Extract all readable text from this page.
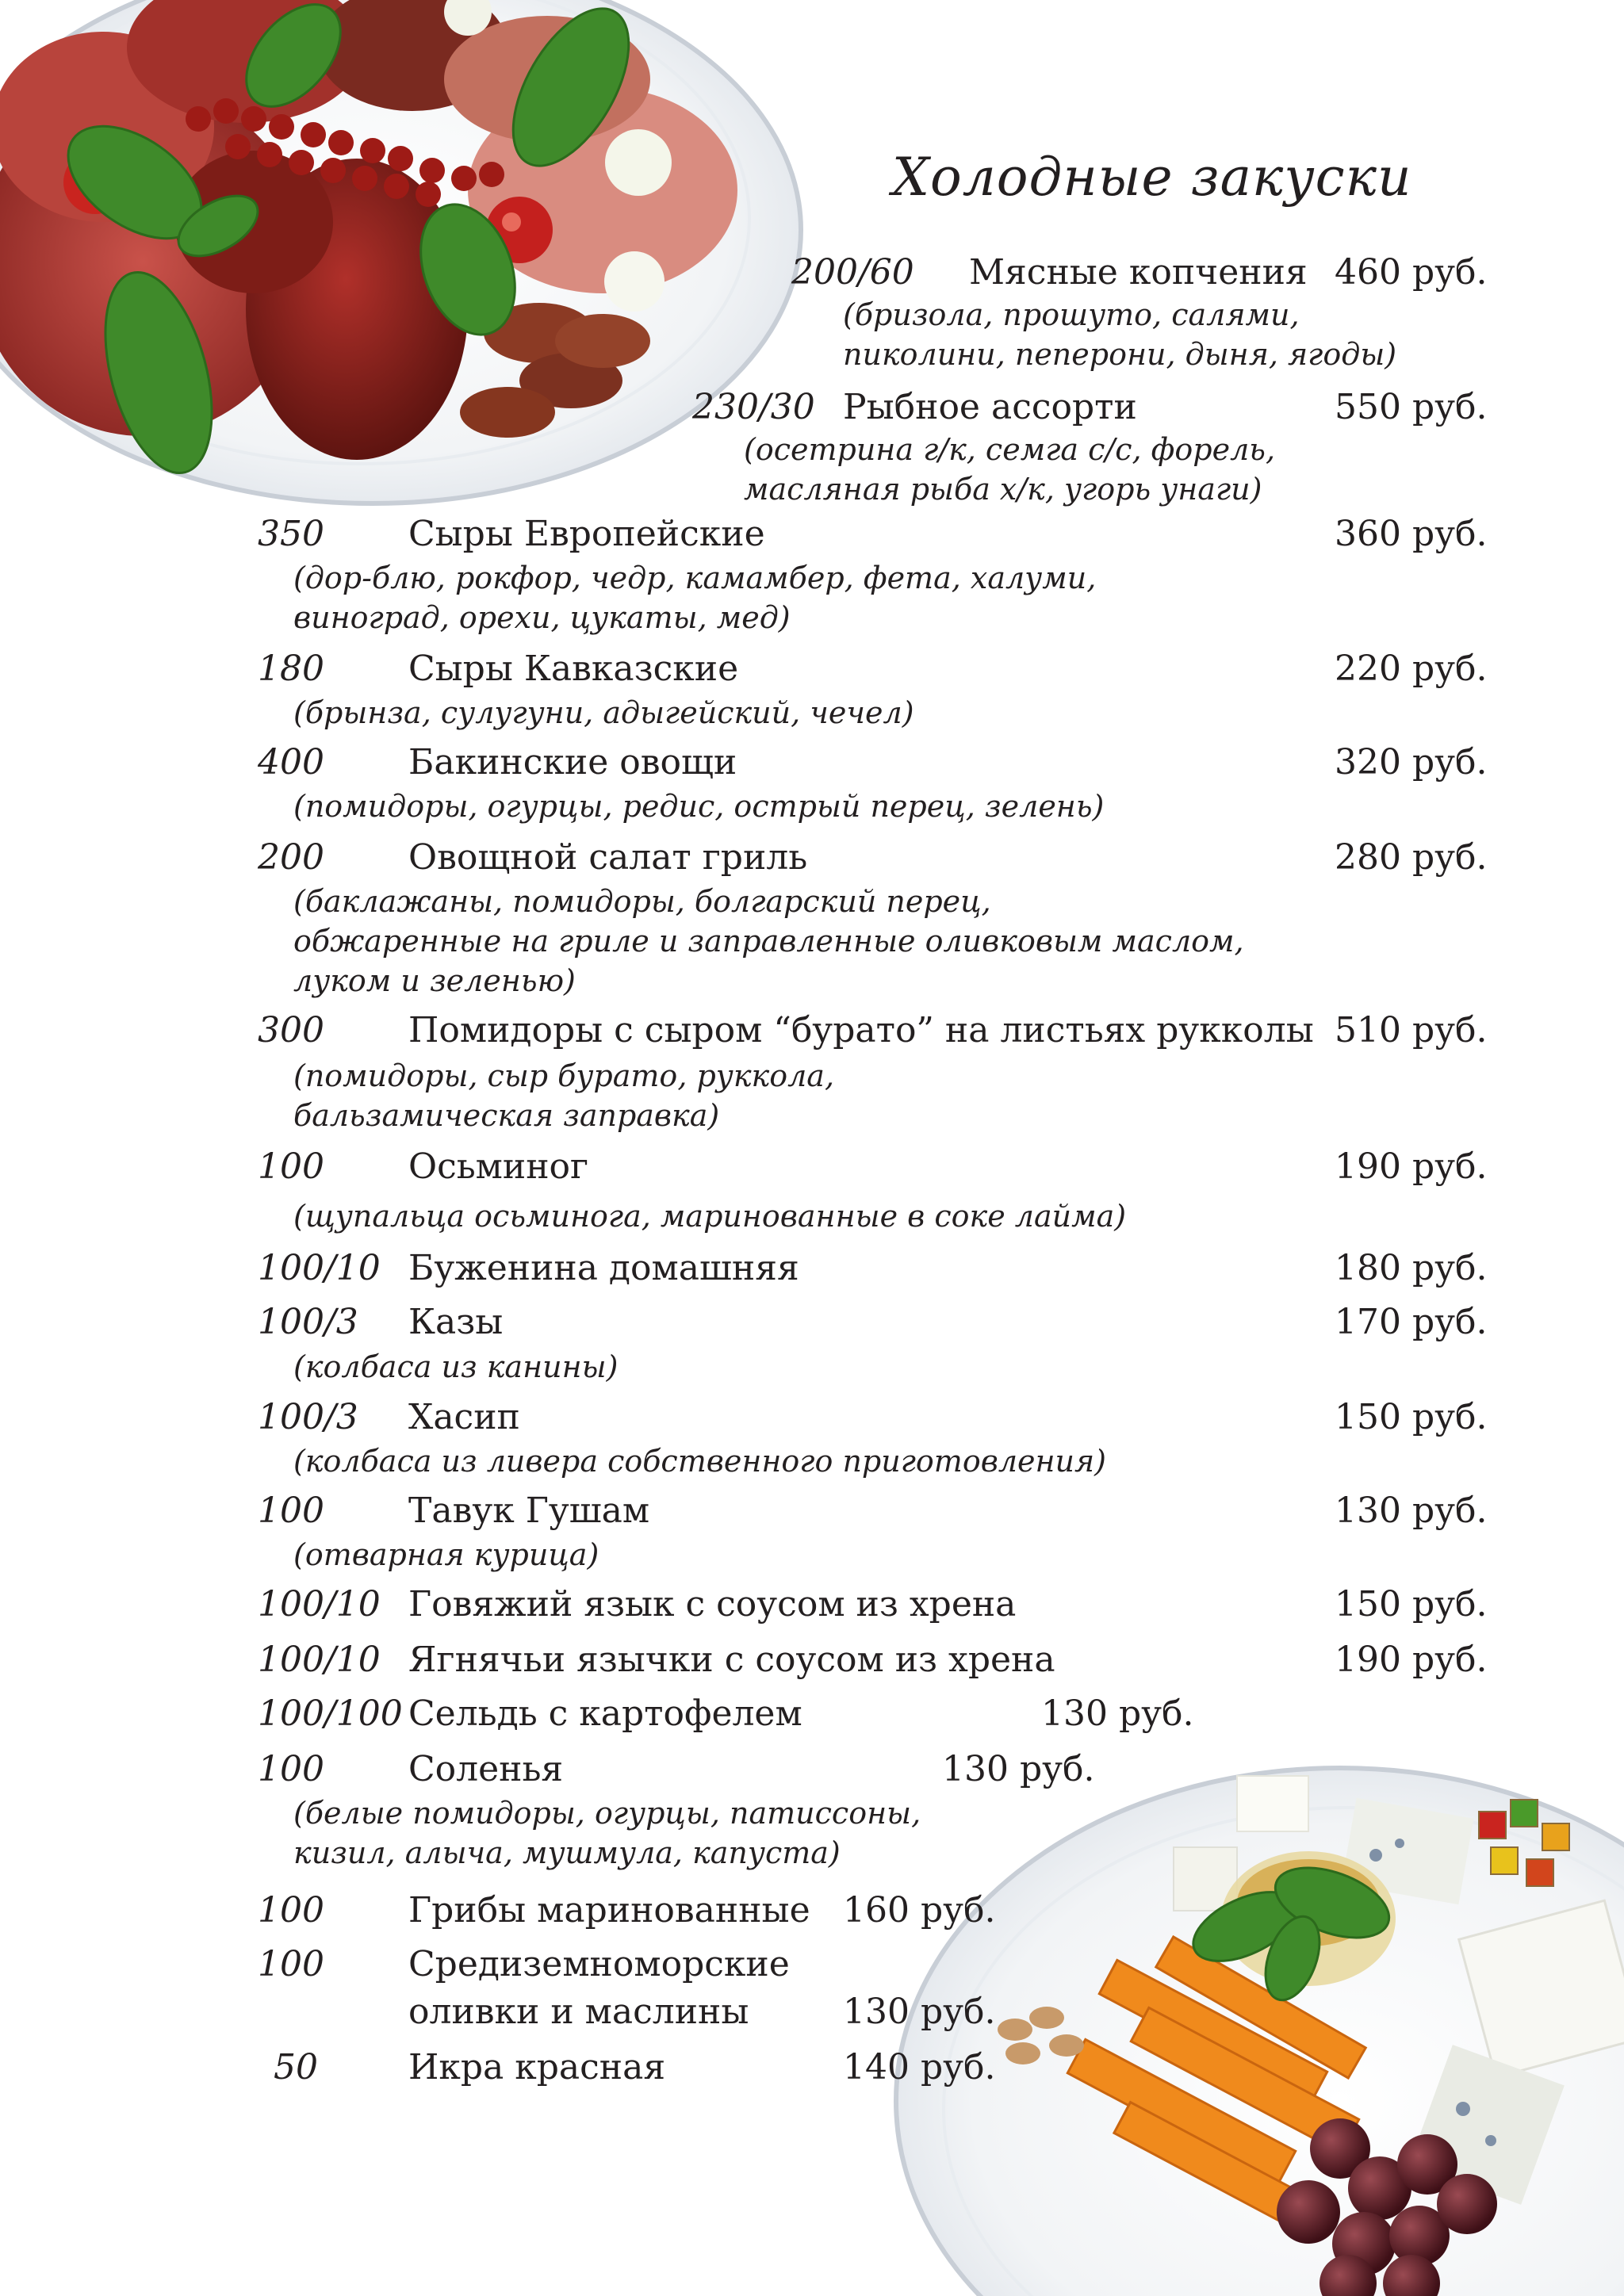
Холодные закуски
200/60 Мясные копчения 460 руб.
(бризола, прошуто, салями,
пиколини, пеперони, дыня, ягоды)
230/30 Рыбное ассорти	550 руб.
(осетрина г/к, семга с/с, форель,
масляная рыба х/к, угорь унаги)
350 Сыры Европейские	360 руб.
(дор-блю, рокфор, чедр, камамбер, фета, халуми,
виноград, орехи, цукаты, мед)
180 Сыры Кавказские	220 руб.
(брынза, сулугуни, адыгейский, чечел)
400 Бакинские овощи	320 руб.
(помидоры, огурцы, редис, острый перец, зелень)
200 Овощной салат гриль	280 руб.
(баклажаны, помидоры, болгарский перец,
обжаренные на гриле и заправленные оливковым маслом,
луком и зеленью)
300 Помидоры с сыром “бурато” на листьях рукколы 510 руб.
(помидоры, сыр бурато, руккола,
бальзамическая заправка)
100 Осьминог	190 руб.
(щупальца осьминога, маринованные в соке лайма)
100/10 Буженина домашняя	180 руб.
100/3 Казы	170 руб.
(колбаса из канины)
100/3 Хасип	150 руб.
(колбаса из ливера собственного приготовления)
100 Тавук Гушам	130 руб.
(отварная курица)
100/10 Говяжий язык с соусом из хрена	150 руб.
100/10 Ягнячьи язычки с соусом из хрена	190 руб.
100/100 Сельдь с картофелем	130 руб.
100 Соленья	130 руб.
(белые помидоры, огурцы, патиссоны,
кизил, алыча, мушмула, капуста)
100 Грибы маринованные 160 руб.
100 Средиземноморские
оливки и маслины	130 руб.
50	Икра красная	140 руб.
